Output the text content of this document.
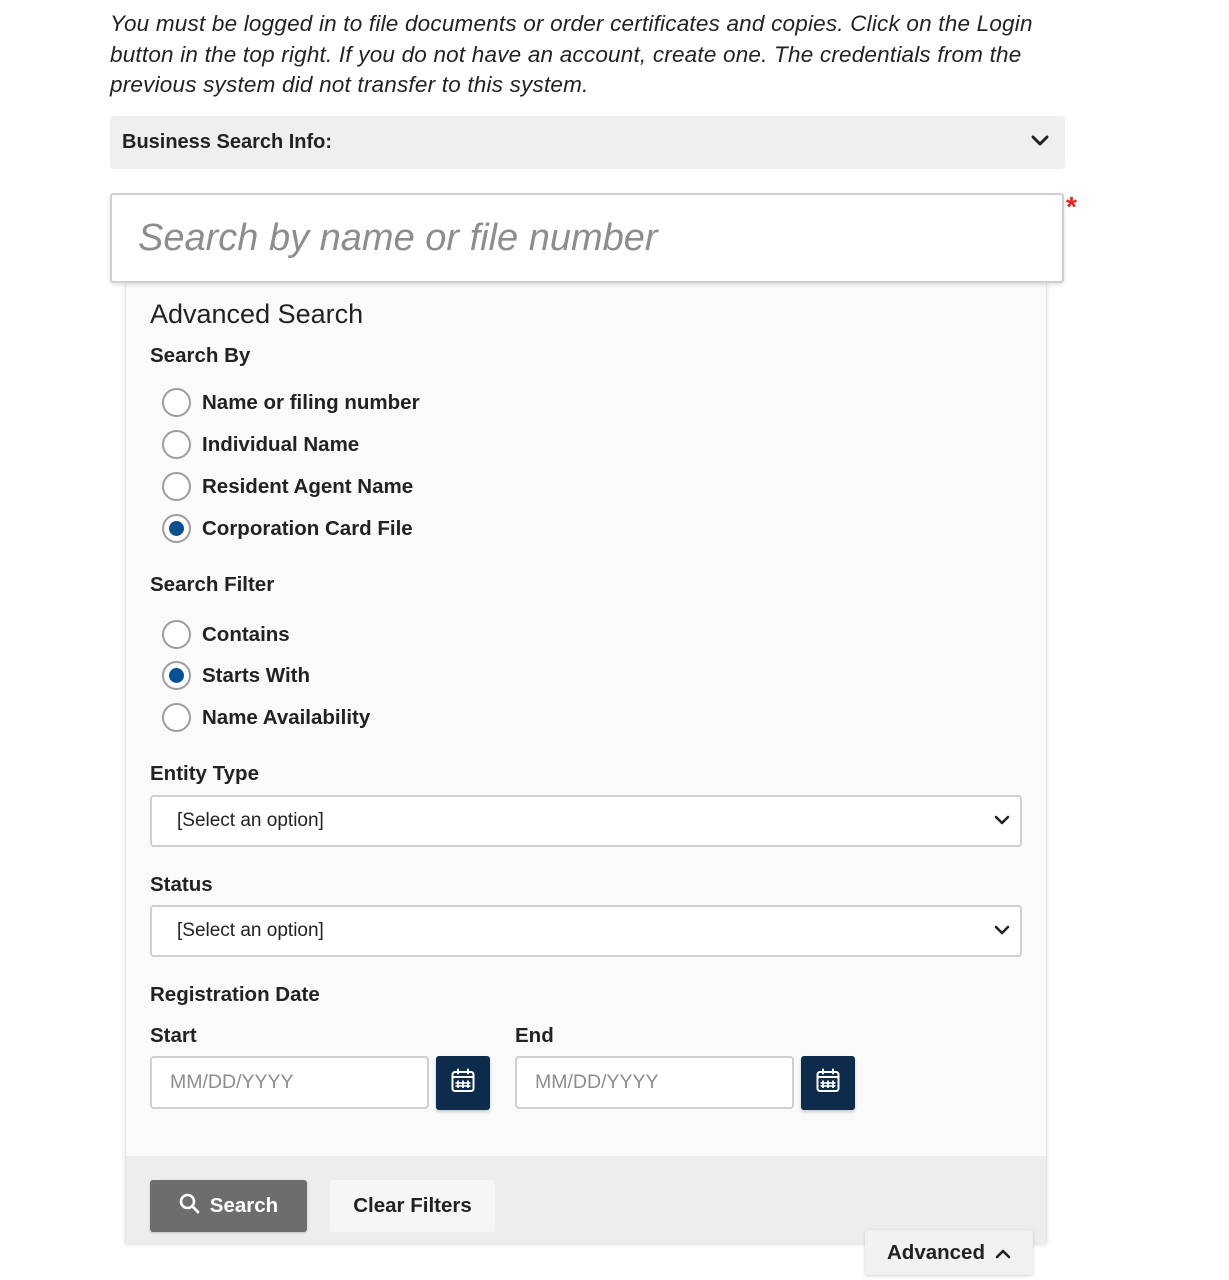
You must be logged in to file documents or order certificates and copies. Click on the Login button in the top right. If you do not have an account, create one. The credentials from the previous system did not transfer to this system.
Business Search Info:
Search by name or file number
*
Advanced Search
Search By
Name or filing number
Individual Name
Resident Agent Name
Corporation Card File
Search Filter
Contains
Starts With
Name Availability
Entity Type
[Select an option]
Status
[Select an option]
Registration Date
Start
MM/DD/YYYY	End
MM/DD/YYYY
Search	Clear Filters
Advanced
